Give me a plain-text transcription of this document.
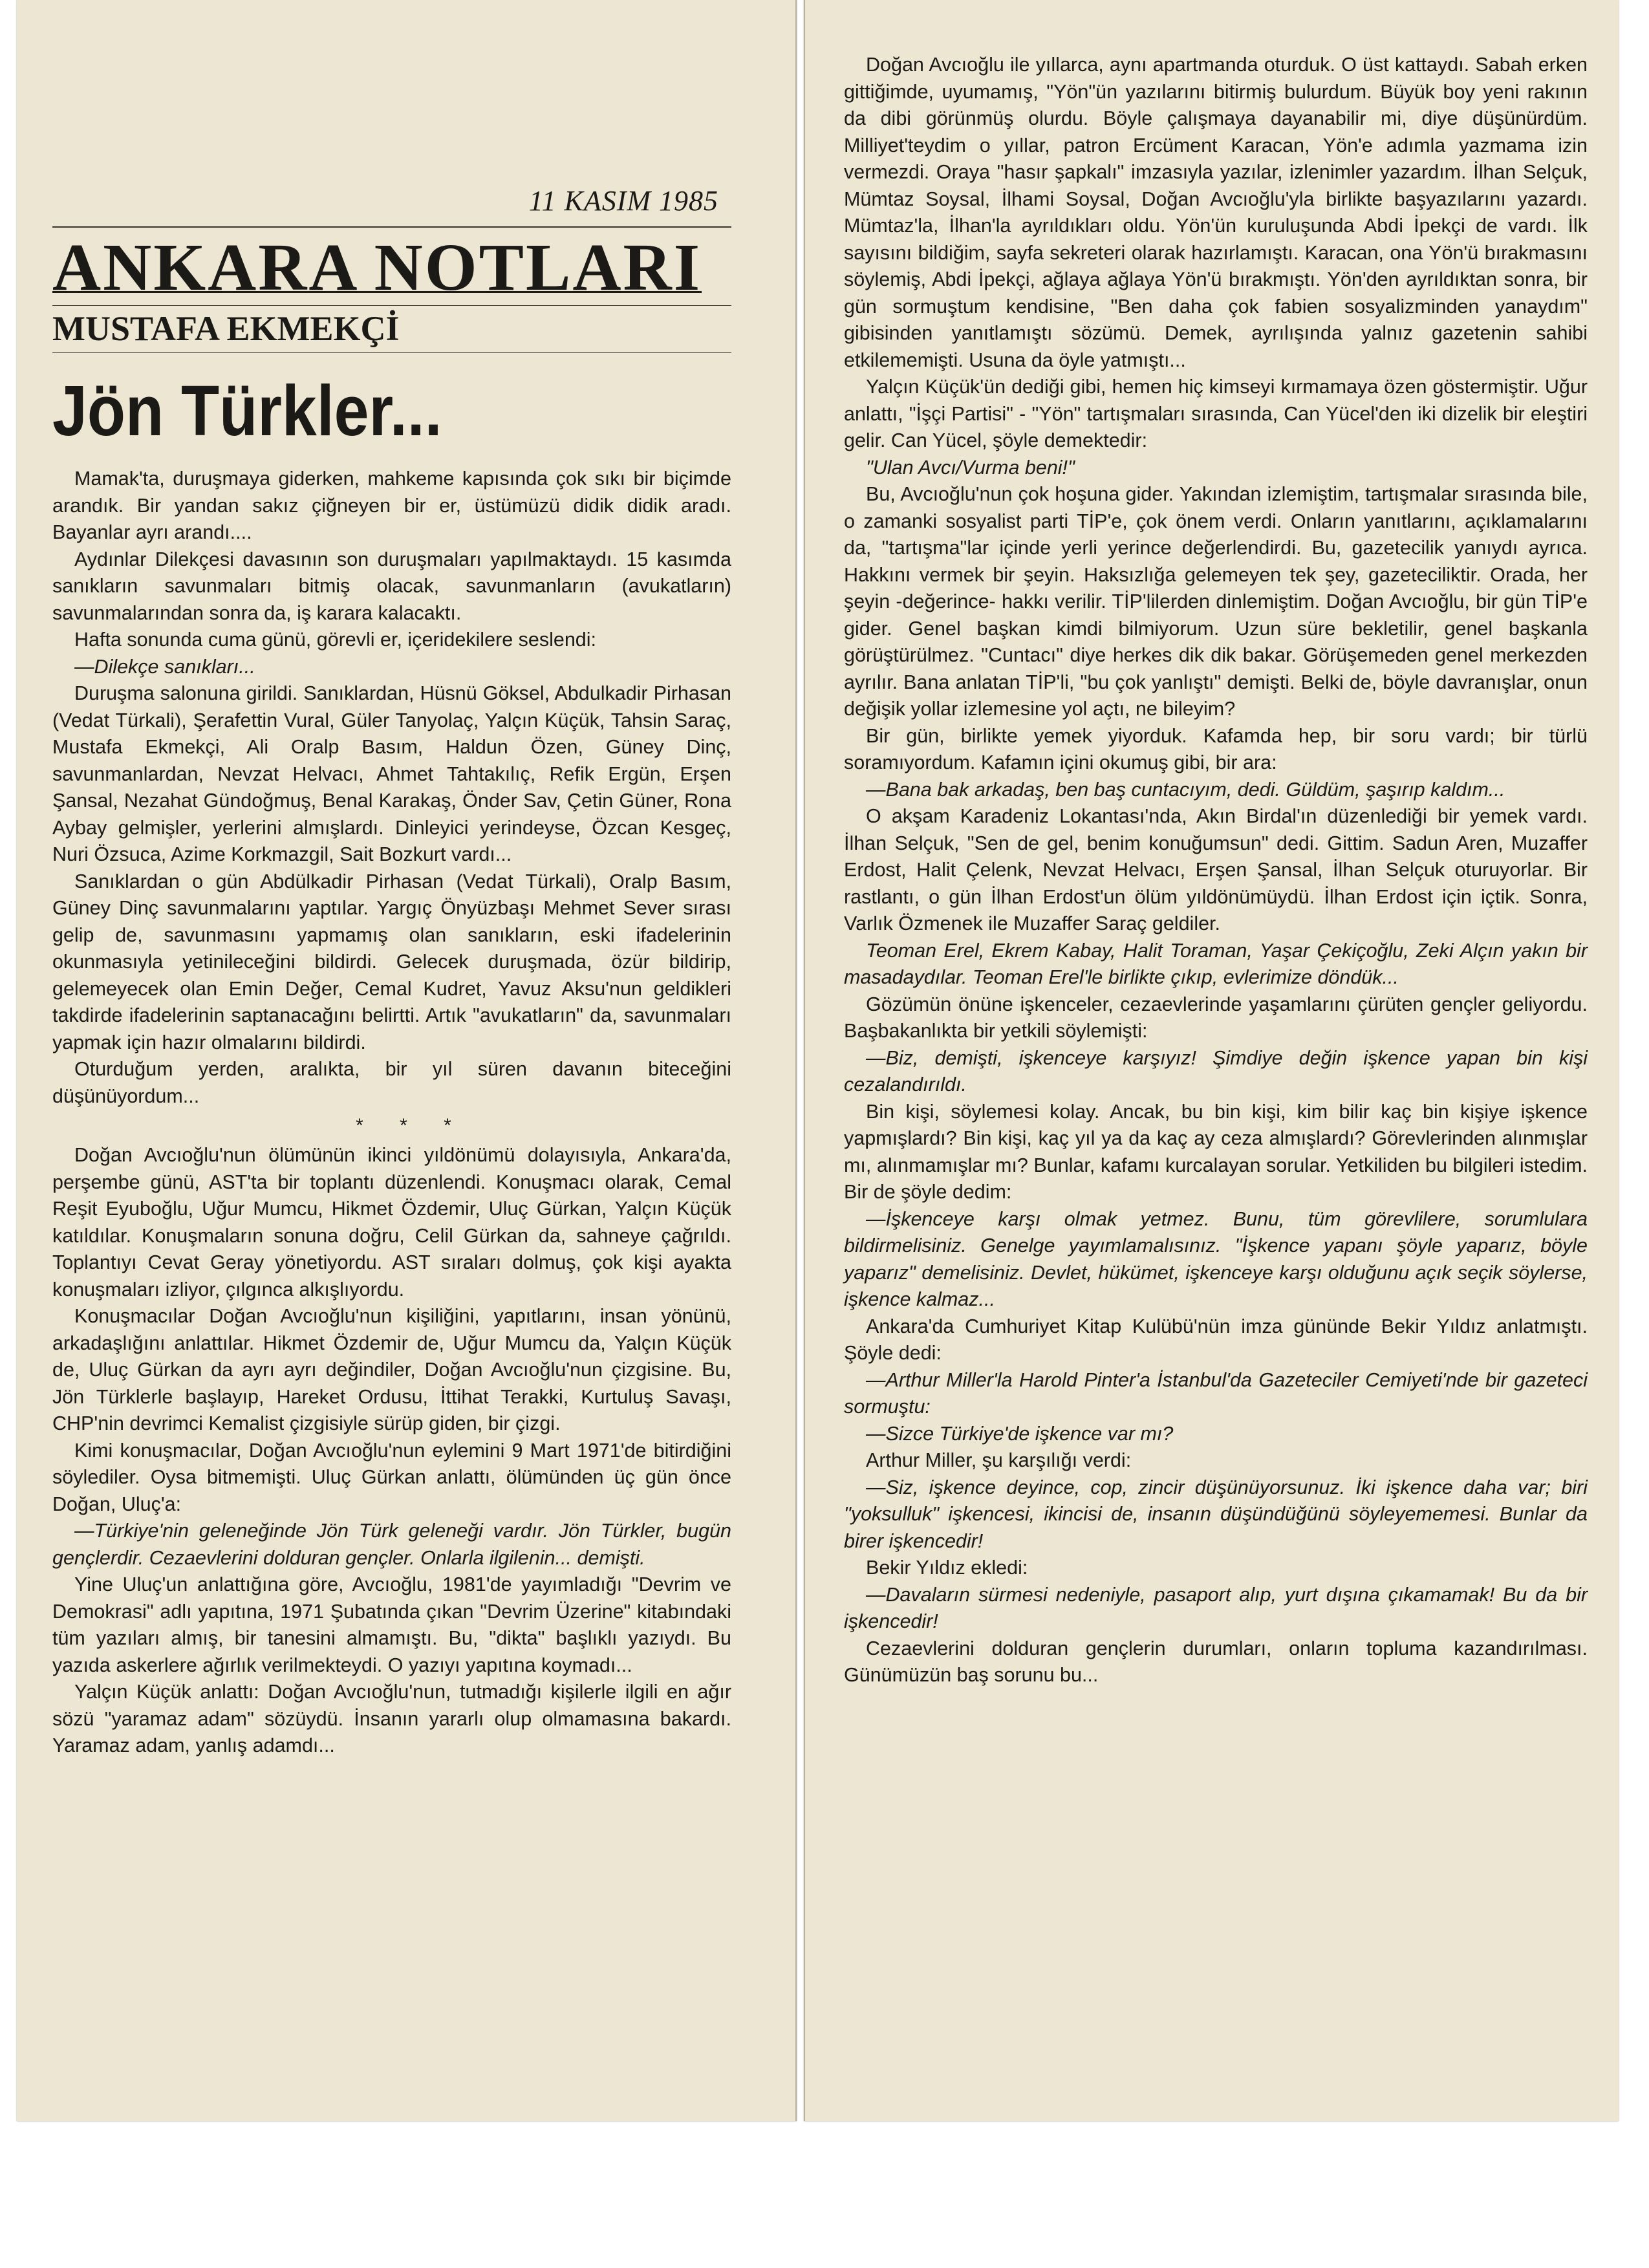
11 KASIM 1985
ANKARA NOTLARI
MUSTAFA EKMEKÇİ
Jön Türkler...

Mamak'ta, duruşmaya giderken, mahkeme kapısında çok sıkı bir biçimde arandık. Bir yandan sakız çiğneyen bir er, üstümüzü didik didik aradı. Bayanlar ayrı arandı....

Aydınlar Dilekçesi davasının son duruşmaları yapılmaktaydı. 15 kasımda sanıkların savunmaları bitmiş olacak, savunmanların (avukatların) savunmalarından sonra da, iş karara kalacaktı.

Hafta sonunda cuma günü, görevli er, içeridekilere seslendi:

—Dilekçe sanıkları...

Duruşma salonuna girildi. Sanıklardan, Hüsnü Göksel, Abdulkadir Pirhasan (Vedat Türkali), Şerafettin Vural, Güler Tanyolaç, Yalçın Küçük, Tahsin Saraç, Mustafa Ekmekçi, Ali Oralp Basım, Haldun Özen, Güney Dinç, savunmanlardan, Nevzat Helvacı, Ahmet Tahtakılıç, Refik Ergün, Erşen Şansal, Nezahat Gündoğmuş, Benal Karakaş, Önder Sav, Çetin Güner, Rona Aybay gelmişler, yerlerini almışlardı. Dinleyici yerindeyse, Özcan Kesgeç, Nuri Özsuca, Azime Korkmazgil, Sait Bozkurt vardı...

Sanıklardan o gün Abdülkadir Pirhasan (Vedat Türkali), Oralp Basım, Güney Dinç savunmalarını yaptılar. Yargıç Önyüzbaşı Mehmet Sever sırası gelip de, savunmasını yapmamış olan sanıkların, eski ifadelerinin okunmasıyla yetinileceğini bildirdi. Gelecek duruşmada, özür bildirip, gelemeyecek olan Emin Değer, Cemal Kudret, Yavuz Aksu'nun geldikleri takdirde ifadelerinin saptanacağını belirtti. Artık "avukatların" da, savunmaları yapmak için hazır olmalarını bildirdi.

Oturduğum yerden, aralıkta, bir yıl süren davanın biteceğini düşünüyordum...

* * *

Doğan Avcıoğlu'nun ölümünün ikinci yıldönümü dolayısıyla, Ankara'da, perşembe günü, AST'ta bir toplantı düzenlendi. Konuşmacı olarak, Cemal Reşit Eyuboğlu, Uğur Mumcu, Hikmet Özdemir, Uluç Gürkan, Yalçın Küçük katıldılar. Konuşmaların sonuna doğru, Celil Gürkan da, sahneye çağrıldı. Toplantıyı Cevat Geray yönetiyordu. AST sıraları dolmuş, çok kişi ayakta konuşmaları izliyor, çılgınca alkışlıyordu.

Konuşmacılar Doğan Avcıoğlu'nun kişiliğini, yapıtlarını, insan yönünü, arkadaşlığını anlattılar. Hikmet Özdemir de, Uğur Mumcu da, Yalçın Küçük de, Uluç Gürkan da ayrı ayrı değindiler, Doğan Avcıoğlu'nun çizgisine. Bu, Jön Türklerle başlayıp, Hareket Ordusu, İttihat Terakki, Kurtuluş Savaşı, CHP'nin devrimci Kemalist çizgisiyle sürüp giden, bir çizgi.

Kimi konuşmacılar, Doğan Avcıoğlu'nun eylemini 9 Mart 1971'de bitirdiğini söylediler. Oysa bitmemişti. Uluç Gürkan anlattı, ölümünden üç gün önce Doğan, Uluç'a:

—Türkiye'nin geleneğinde Jön Türk geleneği vardır. Jön Türkler, bugün gençlerdir. Cezaevlerini dolduran gençler. Onlarla ilgilenin... demişti.

Yine Uluç'un anlattığına göre, Avcıoğlu, 1981'de yayımladığı "Devrim ve Demokrasi" adlı yapıtına, 1971 Şubatında çıkan "Devrim Üzerine" kitabındaki tüm yazıları almış, bir tanesini almamıştı. Bu, "dikta" başlıklı yazıydı. Bu yazıda askerlere ağırlık verilmekteydi. O yazıyı yapıtına koymadı...

Yalçın Küçük anlattı: Doğan Avcıoğlu'nun, tutmadığı kişilerle ilgili en ağır sözü "yaramaz adam" sözüydü. İnsanın yararlı olup olmamasına bakardı. Yaramaz adam, yanlış adamdı...

Doğan Avcıoğlu ile yıllarca, aynı apartmanda oturduk. O üst kattaydı. Sabah erken gittiğimde, uyumamış, "Yön"ün yazılarını bitirmiş bulurdum. Büyük boy yeni rakının da dibi görünmüş olurdu. Böyle çalışmaya dayanabilir mi, diye düşünürdüm. Milliyet'teydim o yıllar, patron Ercüment Karacan, Yön'e adımla yazmama izin vermezdi. Oraya "hasır şapkalı" imzasıyla yazılar, izlenimler yazardım. İlhan Selçuk, Mümtaz Soysal, İlhami Soysal, Doğan Avcıoğlu'yla birlikte başyazılarını yazardı. Mümtaz'la, İlhan'la ayrıldıkları oldu. Yön'ün kuruluşunda Abdi İpekçi de vardı. İlk sayısını bildiğim, sayfa sekreteri olarak hazırlamıştı. Karacan, ona Yön'ü bırakmasını söylemiş, Abdi İpekçi, ağlaya ağlaya Yön'ü bırakmıştı. Yön'den ayrıldıktan sonra, bir gün sormuştum kendisine, "Ben daha çok fabien sosyalizminden yanaydım" gibisinden yanıtlamıştı sözümü. Demek, ayrılışında yalnız gazetenin sahibi etkilememişti. Usuna da öyle yatmıştı...

Yalçın Küçük'ün dediği gibi, hemen hiç kimseyi kırmamaya özen göstermiştir. Uğur anlattı, "İşçi Partisi" - "Yön" tartışmaları sırasında, Can Yücel'den iki dizelik bir eleştiri gelir. Can Yücel, şöyle demektedir:

"Ulan Avcı/Vurma beni!"

Bu, Avcıoğlu'nun çok hoşuna gider. Yakından izlemiştim, tartışmalar sırasında bile, o zamanki sosyalist parti TİP'e, çok önem verdi. Onların yanıtlarını, açıklamalarını da, "tartışma"lar içinde yerli yerince değerlendirdi. Bu, gazetecilik yanıydı ayrıca. Hakkını vermek bir şeyin. Haksızlığa gelemeyen tek şey, gazeteciliktir. Orada, her şeyin -değerince- hakkı verilir. TİP'lilerden dinlemiştim. Doğan Avcıoğlu, bir gün TİP'e gider. Genel başkan kimdi bilmiyorum. Uzun süre bekletilir, genel başkanla görüştürülmez. "Cuntacı" diye herkes dik dik bakar. Görüşemeden genel merkezden ayrılır. Bana anlatan TİP'li, "bu çok yanlıştı" demişti. Belki de, böyle davranışlar, onun değişik yollar izlemesine yol açtı, ne bileyim?

Bir gün, birlikte yemek yiyorduk. Kafamda hep, bir soru vardı; bir türlü soramıyordum. Kafamın içini okumuş gibi, bir ara:

—Bana bak arkadaş, ben baş cuntacıyım, dedi. Güldüm, şaşırıp kaldım...

O akşam Karadeniz Lokantası'nda, Akın Birdal'ın düzenlediği bir yemek vardı. İlhan Selçuk, "Sen de gel, benim konuğumsun" dedi. Gittim. Sadun Aren, Muzaffer Erdost, Halit Çelenk, Nevzat Helvacı, Erşen Şansal, İlhan Selçuk oturuyorlar. Bir rastlantı, o gün İlhan Erdost'un ölüm yıldönümüydü. İlhan Erdost için içtik. Sonra, Varlık Özmenek ile Muzaffer Saraç geldiler.

Teoman Erel, Ekrem Kabay, Halit Toraman, Yaşar Çekiçoğlu, Zeki Alçın yakın bir masadaydılar. Teoman Erel'le birlikte çıkıp, evlerimize döndük...

Gözümün önüne işkenceler, cezaevlerinde yaşamlarını çürüten gençler geliyordu. Başbakanlıkta bir yetkili söylemişti:

—Biz, demişti, işkenceye karşıyız! Şimdiye değin işkence yapan bin kişi cezalandırıldı.

Bin kişi, söylemesi kolay. Ancak, bu bin kişi, kim bilir kaç bin kişiye işkence yapmışlardı? Bin kişi, kaç yıl ya da kaç ay ceza almışlardı? Görevlerinden alınmışlar mı, alınmamışlar mı? Bunlar, kafamı kurcalayan sorular. Yetkiliden bu bilgileri istedim. Bir de şöyle dedim:

—İşkenceye karşı olmak yetmez. Bunu, tüm görevlilere, sorumlulara bildirmelisiniz. Genelge yayımlamalısınız. "İşkence yapanı şöyle yaparız, böyle yaparız" demelisiniz. Devlet, hükümet, işkenceye karşı olduğunu açık seçik söylerse, işkence kalmaz...

Ankara'da Cumhuriyet Kitap Kulübü'nün imza gününde Bekir Yıldız anlatmıştı. Şöyle dedi:

—Arthur Miller'la Harold Pinter'a İstanbul'da Gazeteciler Cemiyeti'nde bir gazeteci sormuştu:

—Sizce Türkiye'de işkence var mı?

Arthur Miller, şu karşılığı verdi:

—Siz, işkence deyince, cop, zincir düşünüyorsunuz. İki işkence daha var; biri "yoksulluk" işkencesi, ikincisi de, insanın düşündüğünü söyleyememesi. Bunlar da birer işkencedir!

Bekir Yıldız ekledi:

—Davaların sürmesi nedeniyle, pasaport alıp, yurt dışına çıkamamak! Bu da bir işkencedir!

Cezaevlerini dolduran gençlerin durumları, onların topluma kazandırılması. Günümüzün baş sorunu bu...
